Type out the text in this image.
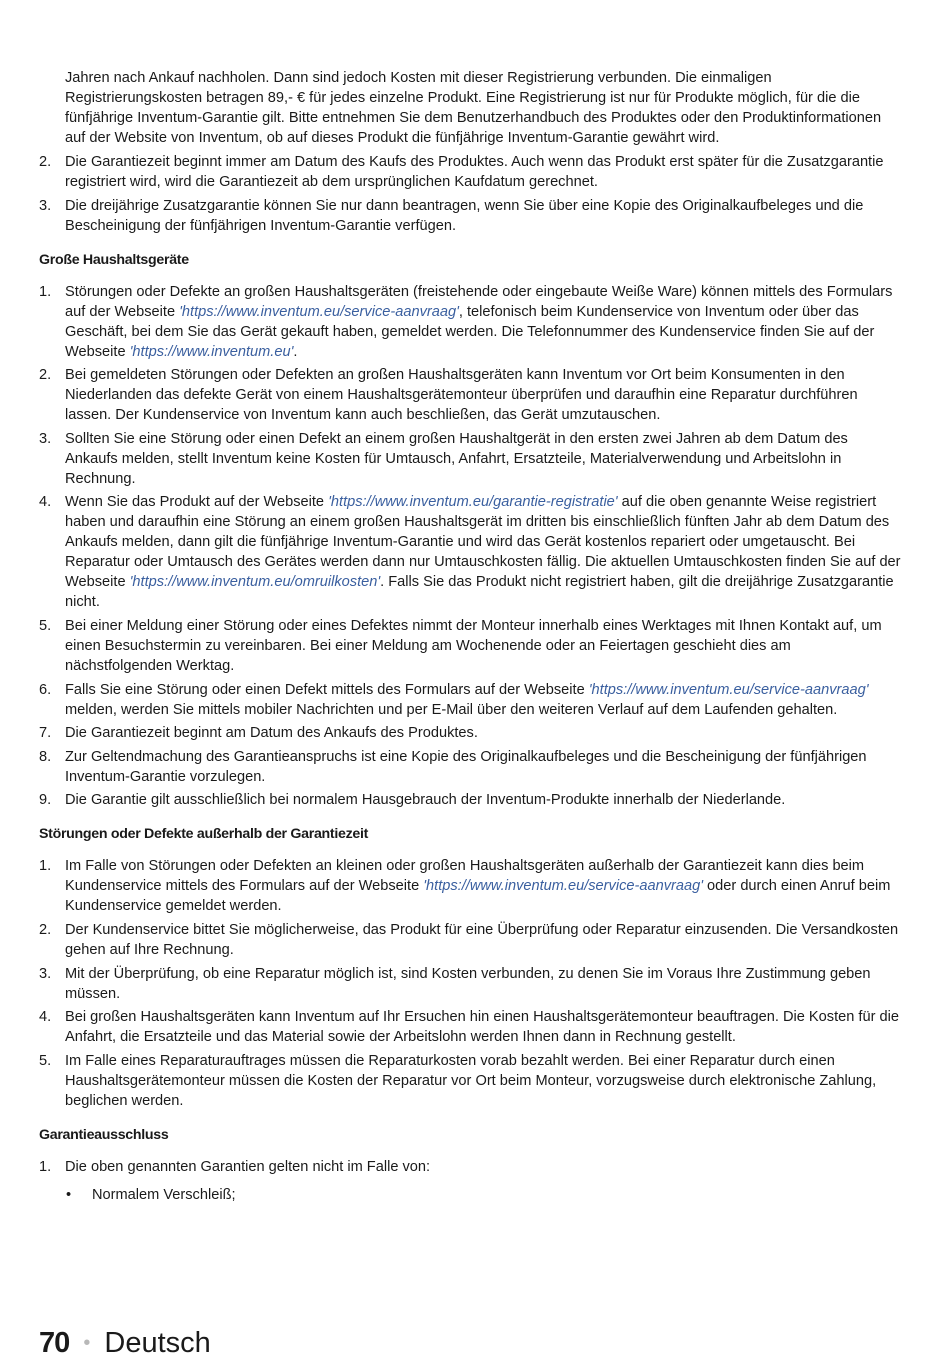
Jahren nach Ankauf nachholen. Dann sind jedoch Kosten mit dieser Registrierung verbunden. Die einmaligen Registrierungskosten betragen 89,- € für jedes einzelne Produkt. Eine Registrierung ist nur für Produkte möglich, für die die fünfjährige Inventum-Garantie gilt. Bitte entnehmen Sie dem Benutzerhandbuch des Produktes oder den Produktinformationen auf der Website von Inventum, ob auf dieses Produkt die fünfjährige Inventum-Garantie gewährt wird.

2. Die Garantiezeit beginnt immer am Datum des Kaufs des Produktes. Auch wenn das Produkt erst später für die Zusatzgarantie registriert wird, wird die Garantiezeit ab dem ursprünglichen Kaufdatum gerechnet.
3. Die dreijährige Zusatzgarantie können Sie nur dann beantragen, wenn Sie über eine Kopie des Originalkaufbeleges und die Bescheinigung der fünfjährigen Inventum-Garantie verfügen.
Große Haushaltsgeräte
1. Störungen oder Defekte an großen Haushaltsgeräten (freistehende oder eingebaute Weiße Ware) können mittels des Formulars auf der Webseite 'https://www.inventum.eu/service-aanvraag', telefonisch beim Kundenservice von Inventum oder über das Geschäft, bei dem Sie das Gerät gekauft haben, gemeldet werden. Die Telefonnummer des Kundenservice finden Sie auf der Webseite 'https://www.inventum.eu'.
2. Bei gemeldeten Störungen oder Defekten an großen Haushaltsgeräten kann Inventum vor Ort beim Konsumenten in den Niederlanden das defekte Gerät von einem Haushaltsgerätemonteur überprüfen und daraufhin eine Reparatur durchführen lassen. Der Kundenservice von Inventum kann auch beschließen, das Gerät umzutauschen.
3. Sollten Sie eine Störung oder einen Defekt an einem großen Haushaltgerät in den ersten zwei Jahren ab dem Datum des Ankaufs melden, stellt Inventum keine Kosten für Umtausch, Anfahrt, Ersatzteile, Materialverwendung und Arbeitslohn in Rechnung.
4. Wenn Sie das Produkt auf der Webseite 'https://www.inventum.eu/garantie-registratie' auf die oben genannte Weise registriert haben und daraufhin eine Störung an einem großen Haushaltsgerät im dritten bis einschließlich fünften Jahr ab dem Datum des Ankaufs melden, dann gilt die fünfjährige Inventum-Garantie und wird das Gerät kostenlos repariert oder umgetauscht. Bei Reparatur oder Umtausch des Gerätes werden dann nur Umtauschkosten fällig. Die aktuellen Umtauschkosten finden Sie auf der Webseite 'https://www.inventum.eu/omruilkosten'. Falls Sie das Produkt nicht registriert haben, gilt die dreijährige Zusatzgarantie nicht.
5. Bei einer Meldung einer Störung oder eines Defektes nimmt der Monteur innerhalb eines Werktages mit Ihnen Kontakt auf, um einen Besuchstermin zu vereinbaren. Bei einer Meldung am Wochenende oder an Feiertagen geschieht dies am nächstfolgenden Werktag.
6. Falls Sie eine Störung oder einen Defekt mittels des Formulars auf der Webseite 'https://www.inventum.eu/service-aanvraag' melden, werden Sie mittels mobiler Nachrichten und per E-Mail über den weiteren Verlauf auf dem Laufenden gehalten.
7. Die Garantiezeit beginnt am Datum des Ankaufs des Produktes.
8. Zur Geltendmachung des Garantieanspruchs ist eine Kopie des Originalkaufbeleges und die Bescheinigung der fünfjährigen Inventum-Garantie vorzulegen.
9. Die Garantie gilt ausschließlich bei normalem Hausgebrauch der Inventum-Produkte innerhalb der Niederlande.
Störungen oder Defekte außerhalb der Garantiezeit
1. Im Falle von Störungen oder Defekten an kleinen oder großen Haushaltsgeräten außerhalb der Garantiezeit kann dies beim Kundenservice mittels des Formulars auf der Webseite 'https://www.inventum.eu/service-aanvraag' oder durch einen Anruf beim Kundenservice gemeldet werden.
2. Der Kundenservice bittet Sie möglicherweise, das Produkt für eine Überprüfung oder Reparatur einzusenden. Die Versandkosten gehen auf Ihre Rechnung.
3. Mit der Überprüfung, ob eine Reparatur möglich ist, sind Kosten verbunden, zu denen Sie im Voraus Ihre Zustimmung geben müssen.
4. Bei großen Haushaltsgeräten kann Inventum auf Ihr Ersuchen hin einen Haushaltsgerätemonteur beauftragen. Die Kosten für die Anfahrt, die Ersatzteile und das Material sowie der Arbeitslohn werden Ihnen dann in Rechnung gestellt.
5. Im Falle eines Reparaturauftrages müssen die Reparaturkosten vorab bezahlt werden. Bei einer Reparatur durch einen Haushaltsgerätemonteur müssen die Kosten der Reparatur vor Ort beim Monteur, vorzugsweise durch elektronische Zahlung, beglichen werden.
Garantieausschluss
1. Die oben genannten Garantien gelten nicht im Falle von:
• Normalem Verschleiß;
70 • Deutsch
